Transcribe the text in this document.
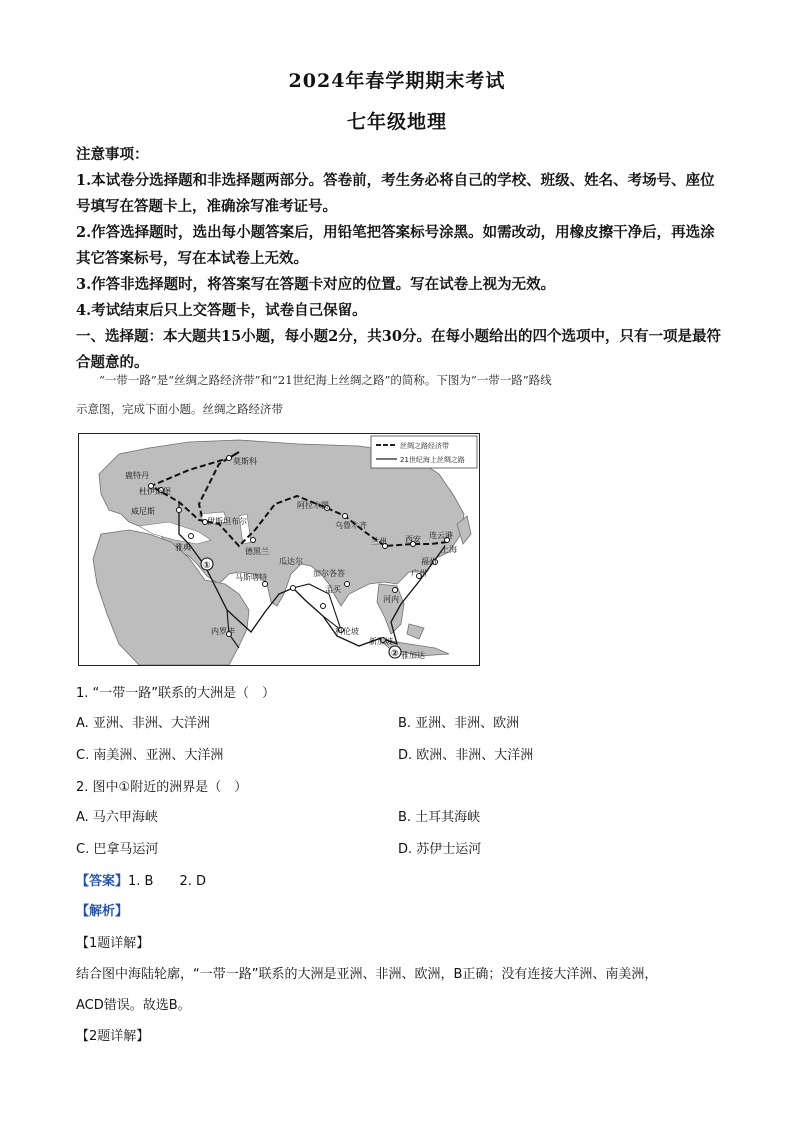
2024年春学期期末考试
七年级地理

注意事项：

1.本试卷分选择题和非选择题两部分。答卷前，考生务必将自己的学校、班级、姓名、考场号、座位号填写在答题卡上，准确涂写准考证号。

2.作答选择题时，选出每小题答案后，用铅笔把答案标号涂黑。如需改动，用橡皮擦干净后，再选涂其它答案标号，写在本试卷上无效。

3.作答非选择题时，将答案写在答题卡对应的位置。写在试卷上视为无效。

4.考试结束后只上交答题卡，试卷自己保留。

一、选择题：本大题共15小题，每小题2分，共30分。在每小题给出的四个选项中，只有一项是最符合题意的。

“一带一路”是“丝绸之路经济带”和“21世纪海上丝绸之路”的简称。下图为“一带一路”路线

示意图，完成下面小题。丝绸之路经济带

丝绸之路经济带
21世纪海上丝绸之路
莫斯科
鹿特丹
杜伊斯堡
威尼斯
伊斯坦布尔
雅典	德黑兰
阿拉木图
乌鲁木齐
兰州 西安 连云港
上海
福州
广州
河内
瓜达尔
马斯喀特	加尔各答
孟买
科伦坡
内罗毕
新加坡
雅加达
①
②
1. “一带一路”联系的大洲是（　）
A. 亚洲、非洲、大洋洲	B. 亚洲、非洲、欧洲
C. 南美洲、亚洲、大洋洲	D. 欧洲、非洲、大洋洲
2. 图中①附近的洲界是（　）
A. 马六甲海峡	B. 土耳其海峡
C. 巴拿马运河	D. 苏伊士运河
【答案】1. B　　2. D
【解析】
【1题详解】
结合图中海陆轮廓，“一带一路”联系的大洲是亚洲、非洲、欧洲，B正确；没有连接大洋洲、南美洲，
ACD错误。故选B。
【2题详解】
